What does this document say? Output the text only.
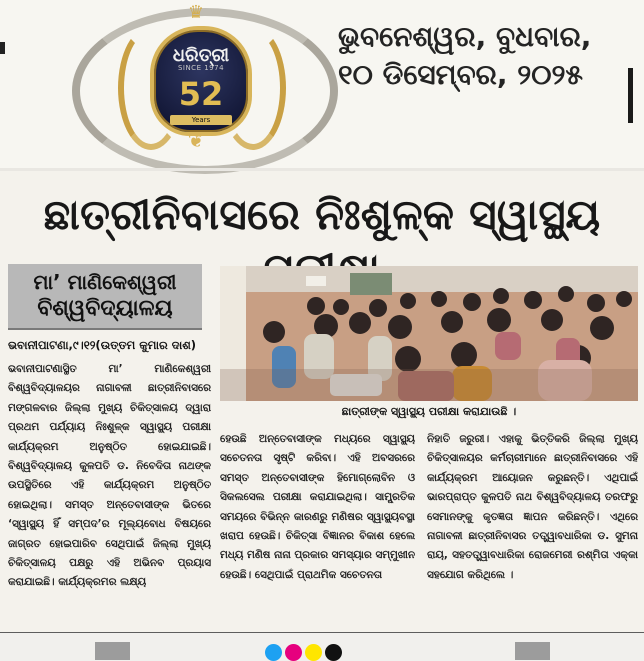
♛
ଧରିତ୍ରୀ
SINCE 1974
52
Years
❦
ଭୁବନେଶ୍ୱର, ବୁଧବାର,
୧୦ ଡିସେମ୍ବର, ୨୦୨୫
ଛାତ୍ରୀନିବାସରେ ନିଃଶୁଳ୍କ ସ୍ୱାସ୍ଥ୍ୟ
ମା’ ମାଣିକେଶ୍ୱରୀ
ବିଶ୍ୱବିଦ୍ୟାଳୟ
ଭବାନୀପାଟଣା,୯।୧୨(ଉତ୍ତମ କୁମାର ଦାଶ)
ଛାତ୍ରୀଙ୍କ ସ୍ୱାସ୍ଥ୍ୟ ପରୀକ୍ଷା କରାଯାଉଛି ।
ଭବାନୀପାଟଣାସ୍ଥିତ ମା’ ମାଣିକେଶ୍ୱରୀ ବିଶ୍ୱବିଦ୍ୟାଳୟର ନାଗାବଳୀ ଛାତ୍ରୀନିବାସରେ ମଙ୍ଗଳବାର ଜିଲ୍ଲା ମୁଖ୍ୟ ଚିକିତ୍ସାଳୟ ଦ୍ୱାରା ପ୍ରଥମ ପର୍ଯ୍ୟାୟ ନିଃଶୁଳ୍କ ସ୍ୱାସ୍ଥ୍ୟ ପରୀକ୍ଷା କାର୍ଯ୍ୟକ୍ରମ ଅନୁଷ୍ଠିତ ହୋଇଯାଇଛି। ବିଶ୍ୱବିଦ୍ୟାଳୟ କୁଳପତି ଡ. ନିବେଦିତା ନାଥଙ୍କ ଉପସ୍ଥିତିରେ ଏହି କାର୍ଯ୍ୟକ୍ରମ ଅନୁଷ୍ଠିତ ହୋଇଥିଲା। ସମସ୍ତ ଅନ୍ତେବାସୀଙ୍କ ଭିତରେ ‘ସ୍ୱାସ୍ଥ୍ୟ ହିଁ ସମ୍ପଦ’ର ମୂଲ୍ୟବୋଧ ବିଷୟରେ ଜାଗ୍ରତ ହୋଇପାରିବ ସେଥିପାଇଁ ଜିଲ୍ଲା ମୁଖ୍ୟ ଚିକିତ୍ସାଳୟ ପକ୍ଷରୁ ଏହି ଅଭିନବ ପ୍ରୟାସ କରାଯାଇଛି। କାର୍ଯ୍ୟକ୍ରମର ଲକ୍ଷ୍ୟ
ହେଉଛି ଅନ୍ତେବାସୀଙ୍କ ମଧ୍ୟରେ ସ୍ୱାସ୍ଥ୍ୟ ସଚେତନତା ସୃଷ୍ଟି କରିବା। ଏହି ଅବସରରେ ସମସ୍ତ ଅନ୍ତେବାସୀଙ୍କ ହିମୋଗ୍ଲୋବିନ ଓ ସିକଲସେଲ ପରୀକ୍ଷା କରାଯାଇଥିଲା। ସାମ୍ପ୍ରତିକ ସମୟରେ ବିଭିନ୍ନ କାରଣରୁ ମଣିଷର ସ୍ୱାସ୍ଥ୍ୟବସ୍ଥା ଖରାପ ହେଉଛି। ଚିକିତ୍ସା ବିଜ୍ଞାନର ବିକାଶ ହେଲେ ମଧ୍ୟ ମଣିଷ ନାନା ପ୍ରକାର ସମସ୍ୟାର ସମ୍ମୁଖୀନ ହେଉଛି। ସେଥିପାଇଁ ପ୍ରାଥମିକ ସଚେତନତା
ନିହାତି ଜରୁରୀ। ଏହାକୁ ଭିତ୍ତିକରି ଜିଲ୍ଲା ମୁଖ୍ୟ ଚିକିତ୍ସାଳୟର କର୍ମଚାରୀମାନେ ଛାତ୍ରୀନିବାସରେ ଏହି କାର୍ଯ୍ୟକ୍ରମ ଆୟୋଜନ କରୁଛନ୍ତି। ଏଥିପାଇଁ ଭାରପ୍ରାପ୍ତ କୁଳପତି ନାଥ ବିଶ୍ୱବିଦ୍ୟାଳୟ ତରଫରୁ ସେମାନଙ୍କୁ କୃତଜ୍ଞତା ଜ୍ଞାପନ କରିଛନ୍ତି। ଏଥିରେ ନାଗାବଳୀ ଛାତ୍ରୀନିବାସର ତତ୍ତ୍ୱାବଧାରିକା ଡ. ସୁମନା ରାୟ, ସହତତ୍ତ୍ୱାବଧାରିକା ରୋଜମେରୀ ରଶ୍ମିତା ଏକ୍କା ସହଯୋଗ କରିଥିଲେ ।
